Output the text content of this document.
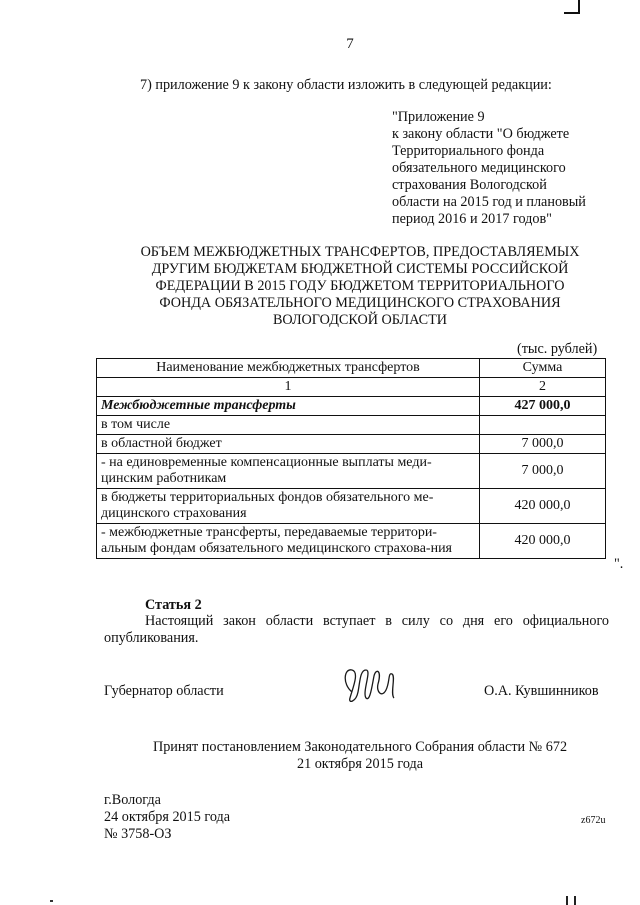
7
7) приложение 9 к закону области изложить в следующей редакции:
"Приложение 9
к закону области "О бюджете
Территориального фонда
обязательного медицинского
страхования Вологодской
области на 2015 год и плановый
период 2016 и 2017 годов"
ОБЪЕМ МЕЖБЮДЖЕТНЫХ ТРАНСФЕРТОВ, ПРЕДОСТАВЛЯЕМЫХ
ДРУГИМ БЮДЖЕТАМ БЮДЖЕТНОЙ СИСТЕМЫ РОССИЙСКОЙ
ФЕДЕРАЦИИ В 2015 ГОДУ БЮДЖЕТОМ ТЕРРИТОРИАЛЬНОГО
ФОНДА ОБЯЗАТЕЛЬНОГО МЕДИЦИНСКОГО СТРАХОВАНИЯ
ВОЛОГОДСКОЙ ОБЛАСТИ
(тыс. рублей)
Наименование межбюджетных трансфертов	Сумма
1	2
Межбюджетные трансферты	427 000,0
в том числе	
в областной бюджет	7 000,0
- на единовременные компенсационные выплаты меди-цинским работникам	7 000,0
в бюджеты территориальных фондов обязательного ме-дицинского страхования	420 000,0
- межбюджетные трансферты, передаваемые территори-альным фондам обязательного медицинского страхова-ния	420 000,0
".
Статья 2
Настоящий закон области вступает в силу со дня его официального опубликования.
Губернатор области	О.А. Кувшинников
Принят постановлением Законодательного Собрания области № 672
21 октября 2015 года
г.Вологда
24 октября 2015 года
№ 3758-ОЗ
z672u
